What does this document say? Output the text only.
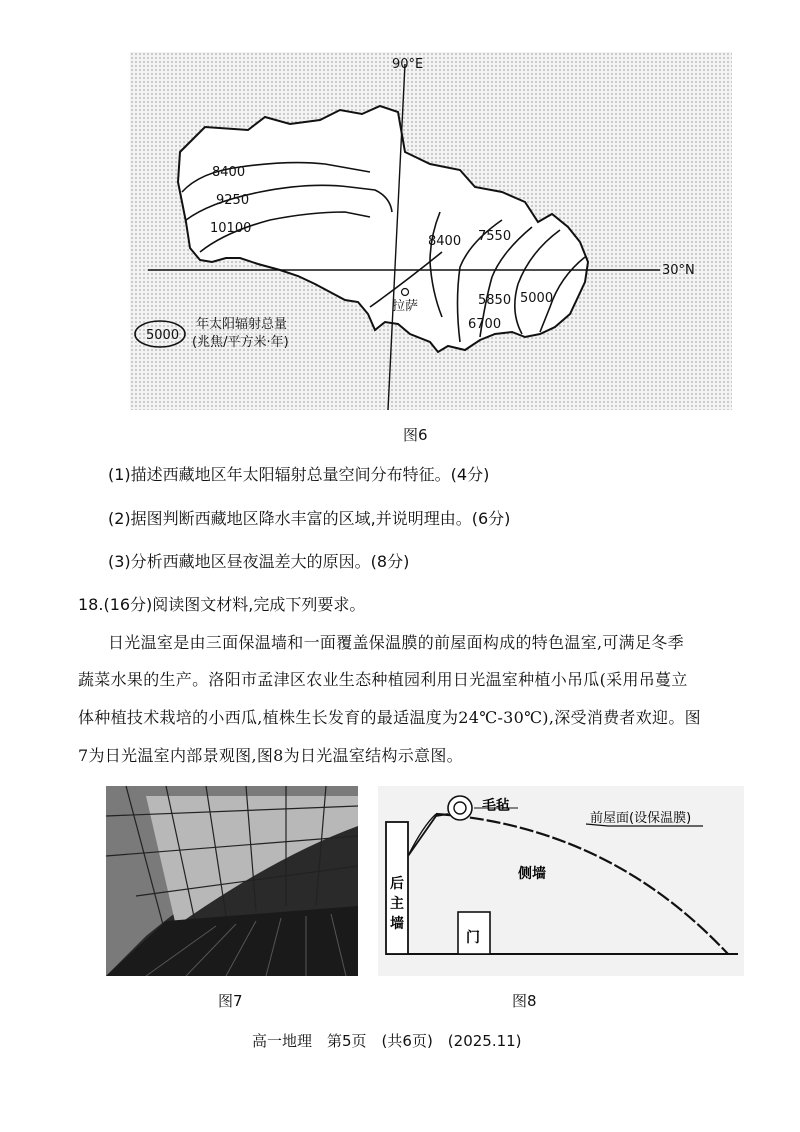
90°E
30°N
8400
9250
10100
8400 7550
5850 5000
6700
拉萨
5000
年太阳辐射总量
(兆焦/平方米·年)
图6
(1)描述西藏地区年太阳辐射总量空间分布特征。(4分)
(2)据图判断西藏地区降水丰富的区域,并说明理由。(6分)
(3)分析西藏地区昼夜温差大的原因。(8分)
18.(16分)阅读图文材料,完成下列要求。
日光温室是由三面保温墙和一面覆盖保温膜的前屋面构成的特色温室,可满足冬季
蔬菜水果的生产。洛阳市孟津区农业生态种植园利用日光温室种植小吊瓜(采用吊蔓立
体种植技术栽培的小西瓜,植株生长发育的最适温度为24℃-30℃),深受消费者欢迎。图
7为日光温室内部景观图,图8为日光温室结构示意图。
毛毡
前屋面(设保温膜)
后
主
墙
侧墙
门
图7	图8
高一地理　第5页　(共6页)　(2025.11)
